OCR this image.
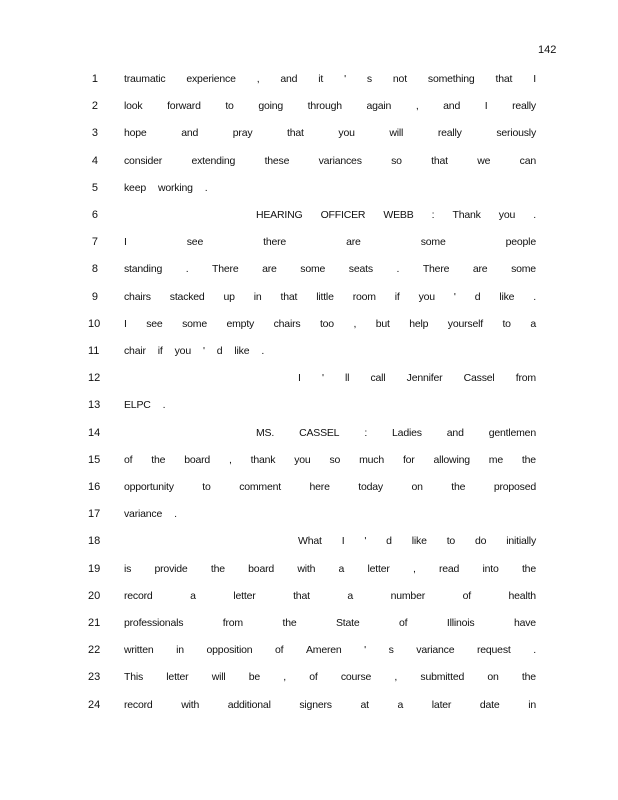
142
1 traumatic experience , and it ' s not something that I
2 look forward to going through again , and I really
3 hope	and	pray	that	you	will	really	seriously
4 consider	extending	these	variances	so	that	we	can
5 keep working .
6	HEARING OFFICER WEBB : Thank you .
7 I	see	there	are	some	people
8 standing . There are some seats . There are some
9 chairs stacked up in that little room if you ' d like .
10 I see some empty chairs too , but help yourself to a
11 chair if you ' d like .
12	I ' ll call Jennifer Cassel from
13 ELPC .
14	MS. CASSEL : Ladies and gentlemen
15 of the board , thank you so much for allowing me the
16 opportunity	to	comment	here	today	on	the	proposed
17 variance .
18	What I ' d like to do initially
19 is provide the board with a letter , read into the
20 record	a	letter	that	a	number	of	health
21 professionals	from	the	State	of	Illinois	have
22 written in opposition of Ameren ' s variance request .
23 This letter will be , of course , submitted on the
24 record	with	additional	signers	at	a	later	date	in
